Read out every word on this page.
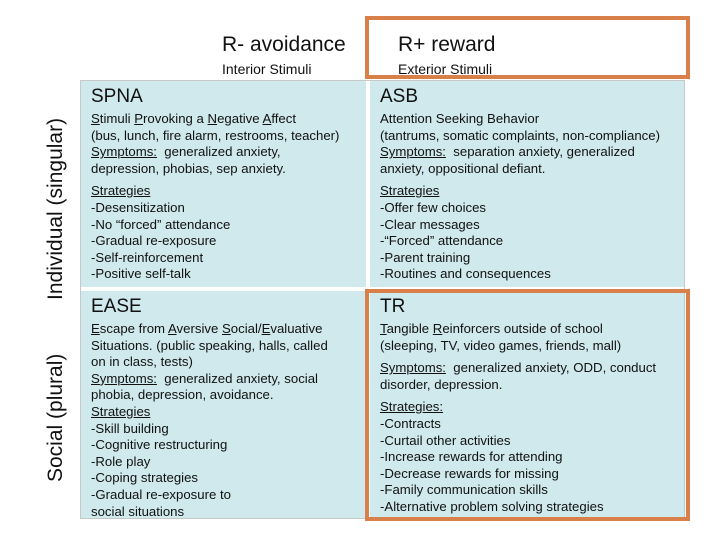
R- avoidance
Interior Stimuli
R+ reward
Exterior Stimuli
Individual (singular)
Social (plural)
SPNA
Stimuli Provoking a Negative Affect
(bus, lunch, fire alarm, restrooms, teacher)
Symptoms: generalized anxiety,
depression, phobias, sep anxiety.
Strategies
-Desensitization
-No “forced” attendance
-Gradual re-exposure
-Self-reinforcement
-Positive self-talk
ASB
Attention Seeking Behavior
(tantrums, somatic complaints, non-compliance)
Symptoms: separation anxiety, generalized
anxiety, oppositional defiant.
Strategies
-Offer few choices
-Clear messages
-“Forced” attendance
-Parent training
-Routines and consequences
EASE
Escape from Aversive Social/Evaluative
Situations. (public speaking, halls, called
on in class, tests)
Symptoms: generalized anxiety, social
phobia, depression, avoidance.
Strategies
-Skill building
-Cognitive restructuring
-Role play
-Coping strategies
-Gradual re-exposure to
social situations
TR
Tangible Reinforcers outside of school
(sleeping, TV, video games, friends, mall)
Symptoms: generalized anxiety, ODD, conduct
disorder, depression.
Strategies:
-Contracts
-Curtail other activities
-Increase rewards for attending
-Decrease rewards for missing
-Family communication skills
-Alternative problem solving strategies
